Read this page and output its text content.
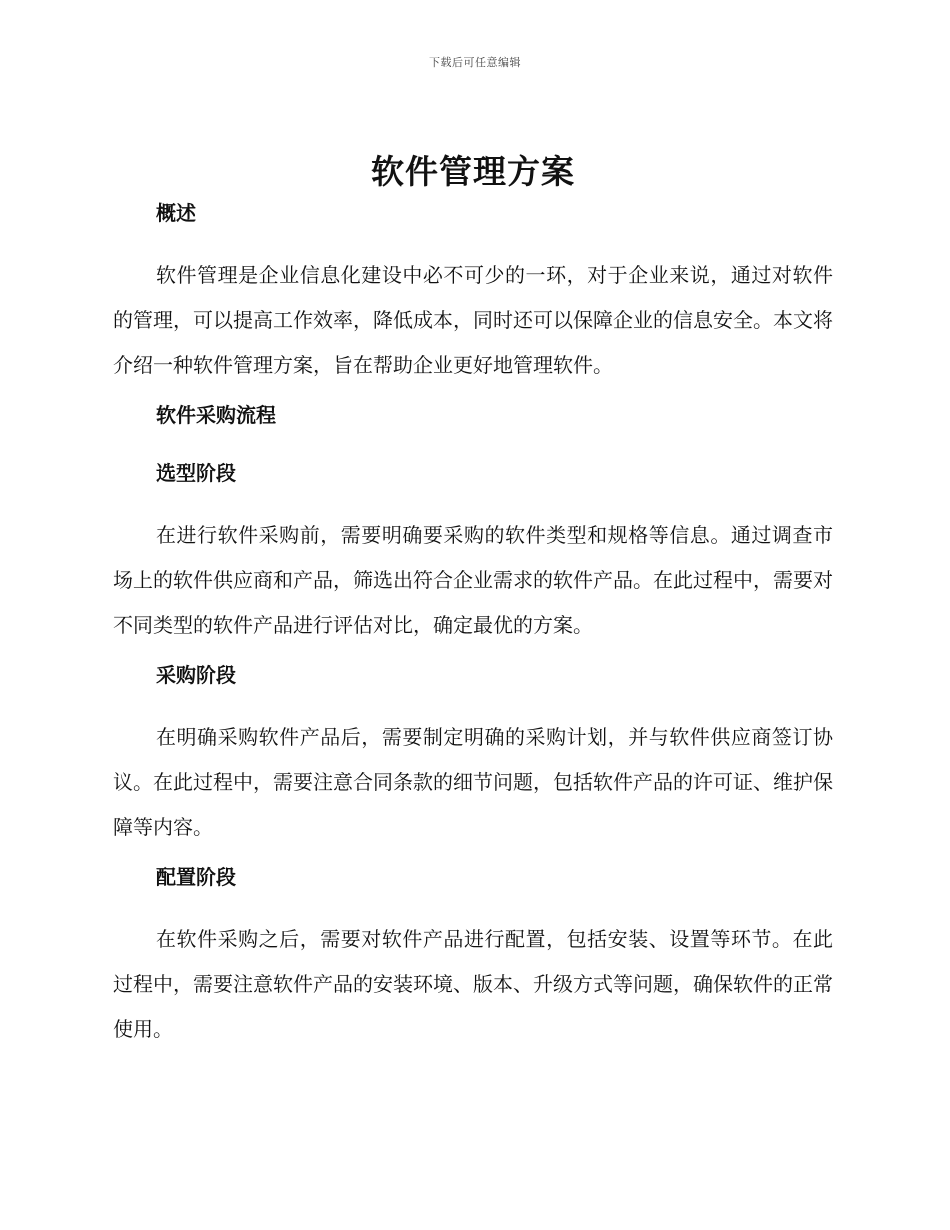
下载后可任意编辑
软件管理方案
概述

软件管理是企业信息化建设中必不可少的一环，对于企业来说，通过对软件的管理，可以提高工作效率，降低成本，同时还可以保障企业的信息安全。本文将介绍一种软件管理方案，旨在帮助企业更好地管理软件。

软件采购流程
选型阶段

在进行软件采购前，需要明确要采购的软件类型和规格等信息。通过调查市场上的软件供应商和产品，筛选出符合企业需求的软件产品。在此过程中，需要对不同类型的软件产品进行评估对比，确定最优的方案。

采购阶段

在明确采购软件产品后，需要制定明确的采购计划，并与软件供应商签订协议。在此过程中，需要注意合同条款的细节问题，包括软件产品的许可证、维护保障等内容。

配置阶段

在软件采购之后，需要对软件产品进行配置，包括安装、设置等环节。在此过程中，需要注意软件产品的安装环境、版本、升级方式等问题，确保软件的正常使用。
